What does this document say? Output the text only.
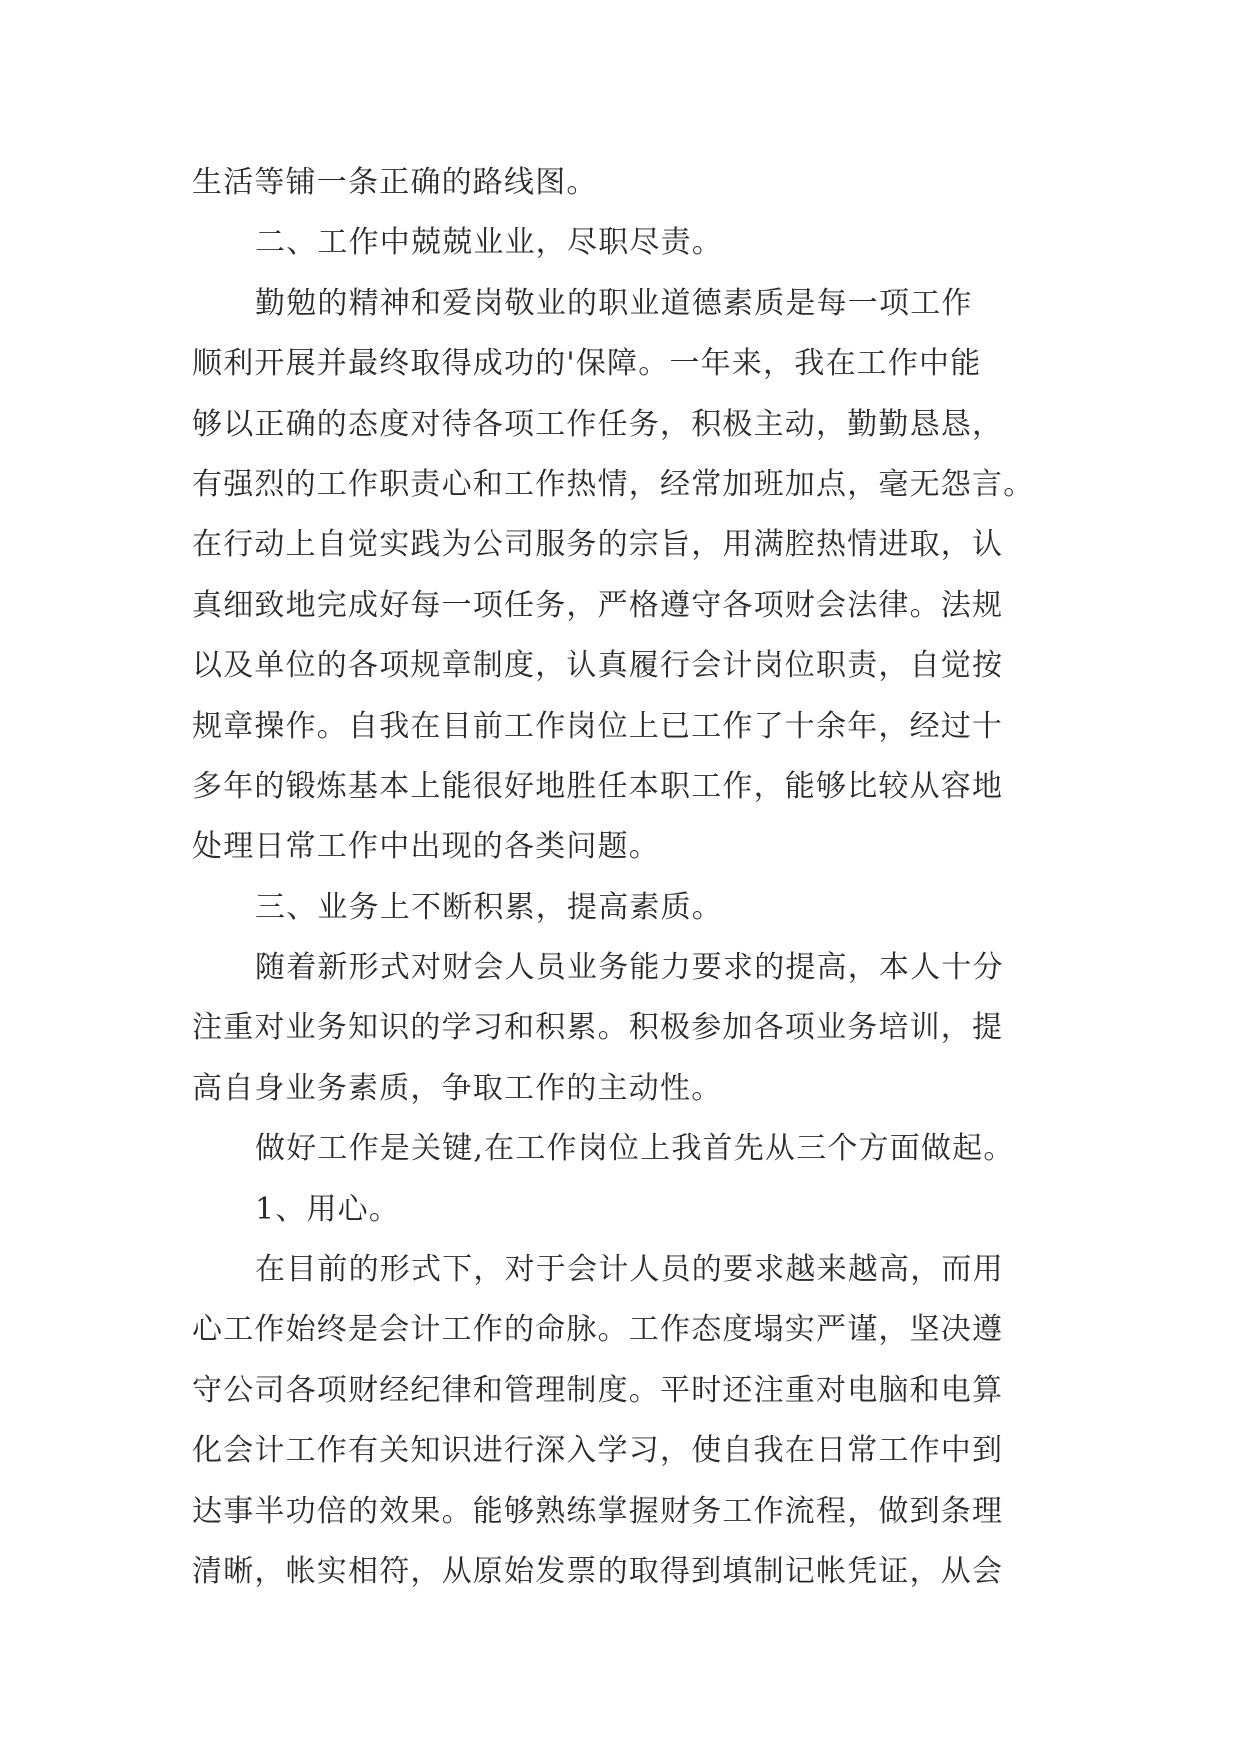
生活等铺一条正确的路线图。
二、工作中兢兢业业，尽职尽责。
勤勉的精神和爱岗敬业的职业道德素质是每一项工作
顺利开展并最终取得成功的'保障。一年来，我在工作中能
够以正确的态度对待各项工作任务，积极主动，勤勤恳恳，
有强烈的工作职责心和工作热情，经常加班加点，毫无怨言。
在行动上自觉实践为公司服务的宗旨，用满腔热情进取，认
真细致地完成好每一项任务，严格遵守各项财会法律。法规
以及单位的各项规章制度，认真履行会计岗位职责，自觉按
规章操作。自我在目前工作岗位上已工作了十余年，经过十
多年的锻炼基本上能很好地胜任本职工作，能够比较从容地
处理日常工作中出现的各类问题。
三、业务上不断积累，提高素质。
随着新形式对财会人员业务能力要求的提高，本人十分
注重对业务知识的学习和积累。积极参加各项业务培训，提
高自身业务素质，争取工作的主动性。
做好工作是关键,在工作岗位上我首先从三个方面做起。
1、用心。
在目前的形式下，对于会计人员的要求越来越高，而用
心工作始终是会计工作的命脉。工作态度塌实严谨，坚决遵
守公司各项财经纪律和管理制度。平时还注重对电脑和电算
化会计工作有关知识进行深入学习，使自我在日常工作中到
达事半功倍的效果。能够熟练掌握财务工作流程，做到条理
清晰，帐实相符，从原始发票的取得到填制记帐凭证，从会
